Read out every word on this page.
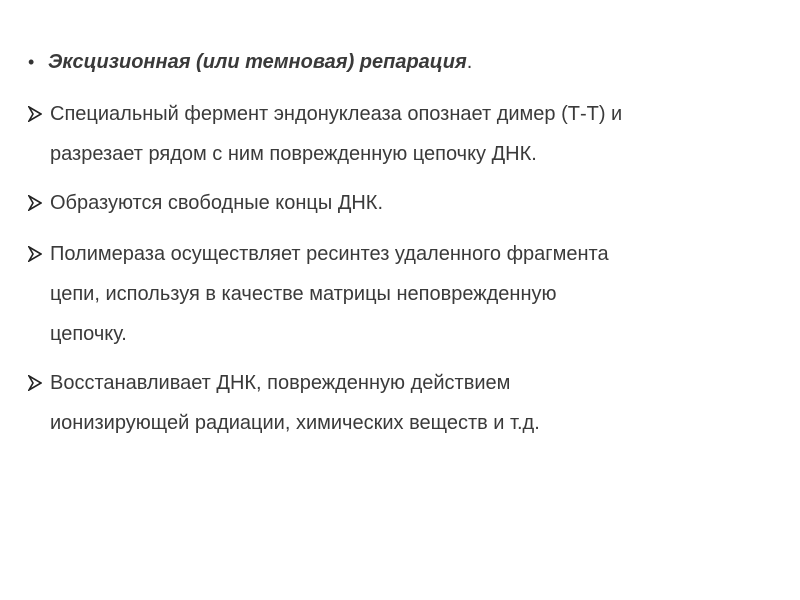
• Эксцизионная (или темновая) репарация .
Специальный фермент эндонуклеаза опознает димер (Т-Т) и
разрезает рядом с ним поврежденную цепочку ДНК.
Образуются свободные концы ДНК.
Полимераза осуществляет ресинтез удаленного фрагмента
цепи, используя в качестве матрицы неповрежденную
цепочку.
Восстанавливает ДНК, поврежденную действием
ионизирующей радиации, химических веществ и т.д.
